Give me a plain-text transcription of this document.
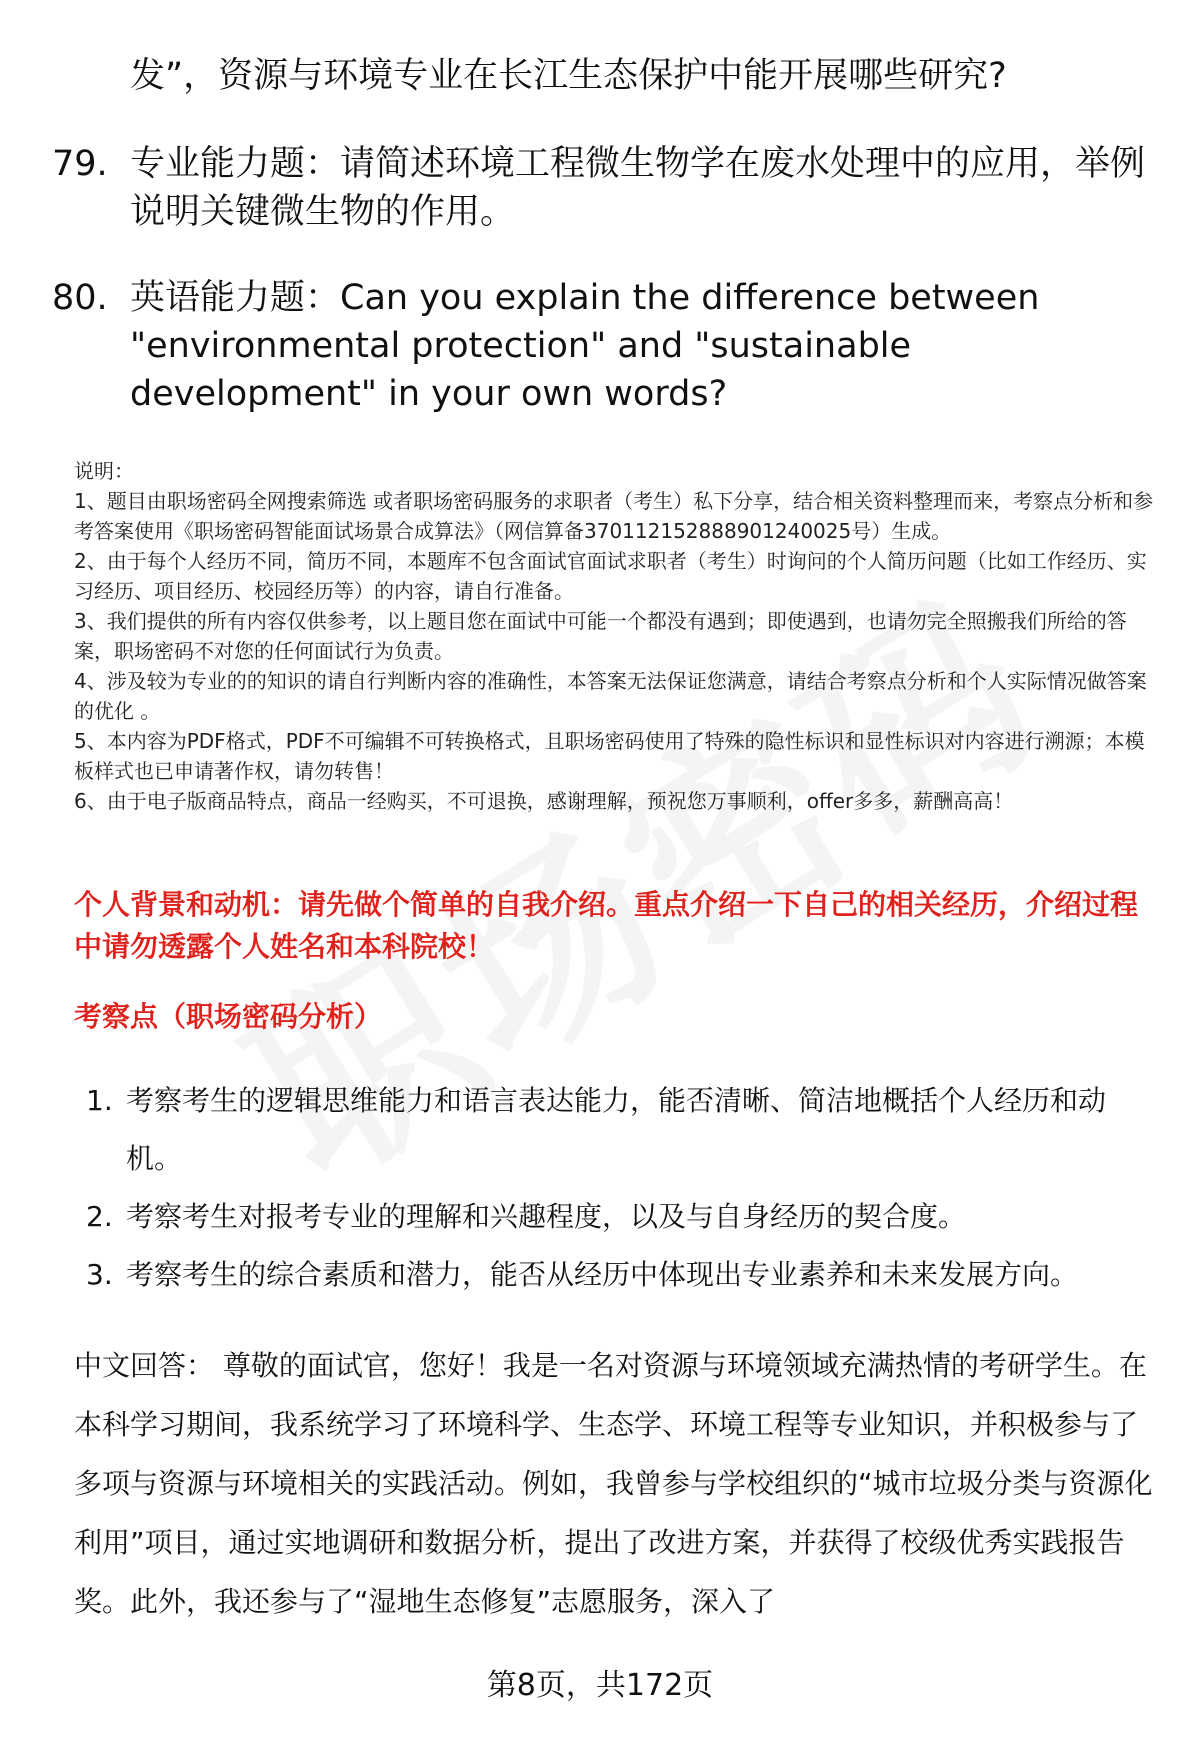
发”，资源与环境专业在长江生态保护中能开展哪些研究?
79. 专业能力题：请简述环境工程微生物学在废水处理中的应用，举例说明关键微生物的作用。
80. 英语能力题：Can you explain the difference between "environmental protection" and "sustainable development" in your own words?

说明：

1、题目由职场密码全网搜索筛选 或者职场密码服务的求职者（考生）私下分享，结合相关资料整理而来，考察点分析和参考答案使用《职场密码智能面试场景合成算法》（网信算备370112152888901240025号）生成。

2、由于每个人经历不同，简历不同，本题库不包含面试官面试求职者（考生）时询问的个人简历问题（比如工作经历、实习经历、项目经历、校园经历等）的内容，请自行准备。

3、我们提供的所有内容仅供参考，以上题目您在面试中可能一个都没有遇到；即使遇到，也请勿完全照搬我们所给的答案，职场密码不对您的任何面试行为负责。

4、涉及较为专业的的知识的请自行判断内容的准确性，本答案无法保证您满意，请结合考察点分析和个人实际情况做答案的优化 。

5、本内容为PDF格式，PDF不可编辑不可转换格式，且职场密码使用了特殊的隐性标识和显性标识对内容进行溯源；本模板样式也已申请著作权，请勿转售！

6、由于电子版商品特点，商品一经购买，不可退换，感谢理解，预祝您万事顺利，offer多多，薪酬高高！

个人背景和动机：请先做个简单的自我介绍。重点介绍一下自己的相关经历，介绍过程中请勿透露个人姓名和本科院校！
考察点（职场密码分析）
1. 考察考生的逻辑思维能力和语言表达能力，能否清晰、简洁地概括个人经历和动机。
2. 考察考生对报考专业的理解和兴趣程度，以及与自身经历的契合度。
3. 考察考生的综合素质和潜力，能否从经历中体现出专业素养和未来发展方向。
中文回答： 尊敬的面试官，您好！我是一名对资源与环境领域充满热情的考研学生。在本科学习期间，我系统学习了环境科学、生态学、环境工程等专业知识，并积极参与了多项与资源与环境相关的实践活动。例如，我曾参与学校组织的“城市垃圾分类与资源化利用”项目，通过实地调研和数据分析，提出了改进方案，并获得了校级优秀实践报告奖。此外，我还参与了“湿地生态修复”志愿服务，深入了
第8页，共172页
